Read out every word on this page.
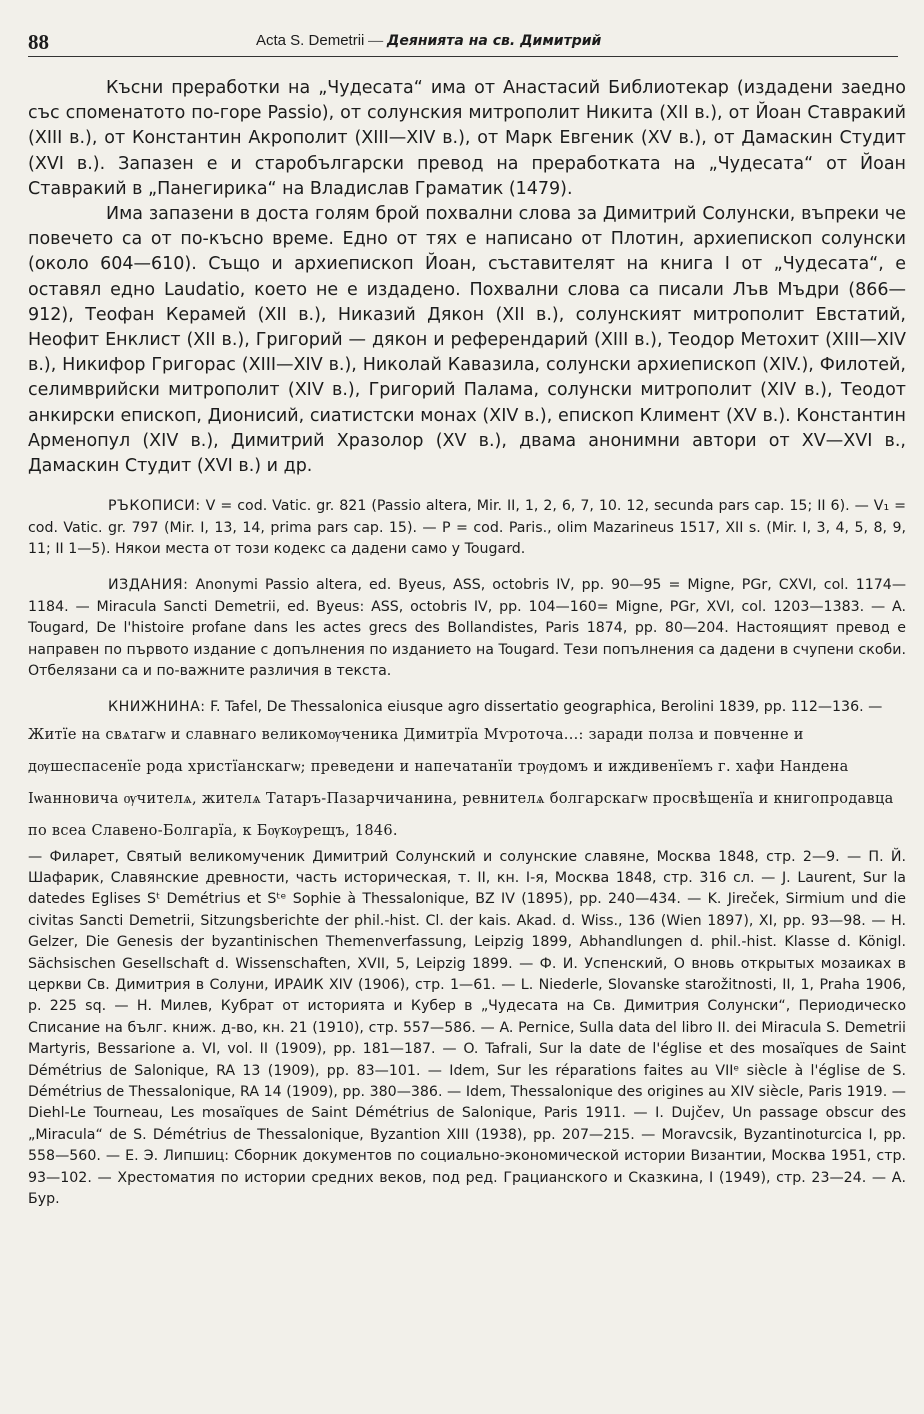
88	Acta S. Demetrii — Деянията на св. Димитрий

Късни преработки на „Чудесата“ има от Анастасий Библиотекар (издадени заедно със споменатото по-горе Passio), от солунския митрополит Никита (XII в.), от Йоан Ставракий (XIII в.), от Константин Акрополит (XIII—XIV в.), от Марк Евгеник (XV в.), от Дамаскин Студит (XVI в.). Запазен е и старобългарски превод на преработката на „Чудесата“ от Йоан Ставракий в „Панегирика“ на Владислав Граматик (1479).

Има запазени в доста голям брой похвални слова за Димитрий Солунски, въпреки че повечето са от по-късно време. Едно от тях е написано от Плотин, архиепископ солунски (около 604—610). Също и архиепископ Йоан, съставителят на книга I от „Чудесата“, е оставял едно Laudatio, което не е издадено. Похвални слова са писали Лъв Мъдри (866—912), Теофан Керамей (XII в.), Никазий Дякон (XII в.), солунският митрополит Евстатий, Неофит Енклист (XII в.), Григорий — дякон и референдарий (XIII в.), Теодор Метохит (XIII—XIV в.), Никифор Григорас (XIII—XIV в.), Николай Кавазила, солунски архиепископ (XIV.), Филотей, селимврийски митрополит (XIV в.), Григорий Палама, солунски митрополит (XIV в.), Теодот анкирски епископ, Дионисий, сиатистски монах (XIV в.), епископ Климент (XV в.). Константин Арменопул (XIV в.), Димитрий Хразолор (XV в.), двама анонимни автори от XV—XVI в., Дамаскин Студит (XVI в.) и др.

РЪКОПИСИ: V = cod. Vatic. gr. 821 (Passio altera, Mir. II, 1, 2, 6, 7, 10. 12, secunda pars cap. 15; II 6). — V₁ = cod. Vatic. gr. 797 (Mir. I, 13, 14, prima pars cap. 15). — P = cod. Paris., olim Mazarineus 1517, XII s. (Mir. I, 3, 4, 5, 8, 9, 11; II 1—5). Някои места от този кодекс са дадени само у Tougard.

ИЗДАНИЯ: Anonymi Passio altera, ed. Byeus, ASS, octobris IV, pp. 90—95 = Migne, PGr, CXVI, col. 1174—1184. — Miracula Sancti Demetrii, ed. Byeus: ASS, octobris IV, pp. 104—160= Migne, PGr, XVI, col. 1203—1383. — A. Tougard, De l'histoire profane dans les actes grecs des Bollandistes, Paris 1874, pp. 80—204. Настоящият превод е направен по първото издание с допълнения по изданието на Tougard. Тези попълнения са дадени в счупени скоби. Отбелязани са и по-важните различия в текста.

КНИЖНИНА: F. Tafel, De Thessalonica eiusque agro dissertatio geographica, Berolini 1839, pp. 112—136. —

Житїе на свѧтагѡ и славнаго великомѹченика Димитрїа Мѵроточа...: заради полза и повченне и дѹшеспасенїе рода христїанскагѡ; преведени и напечатанїи трѹдомъ и иждивенїемъ г. хафи Нандена Іѡанновича ѹчителѧ, жителѧ Татаръ-Пазарчичанина, ревнителѧ болгарскагѡ просвѣщенїа и книгопродавца по всеа Славено-Болгарїа, к Бѹкѹрещъ, 1846.

— Филарет, Святый великомученик Димитрий Солунский и солунские славяне, Москва 1848, стр. 2—9. — П. Й. Шафарик, Славянские древности, часть историческая, т. II, кн. I-я, Москва 1848, стр. 316 сл. — J. Laurent, Sur la datedes Eglises Sᵗ Demétrius et Sᵗᵉ Sophie à Thessalonique, BZ IV (1895), pp. 240—434. — K. Jireček, Sirmium und die civitas Sancti Demetrii, Sitzungsberichte der phil.-hist. Cl. der kais. Akad. d. Wiss., 136 (Wien 1897), XI, pp. 93—98. — H. Gelzer, Die Genesis der byzantinischen Themenverfassung, Leipzig 1899, Abhandlungen d. phil.-hist. Klasse d. Königl. Sächsischen Gesellschaft d. Wissenschaften, XVII, 5, Leipzig 1899. — Ф. И. Успенский, О вновь открытых мозаиках в церкви Св. Димитрия в Солуни, ИРАИК XIV (1906), стр. 1—61. — L. Niederle, Slovanske starožitnosti, II, 1, Praha 1906, p. 225 sq. — Н. Милев, Кубрат от историята и Кубер в „Чудесата на Св. Димитрия Солунски“, Периодическо Списание на бълг. книж. д-во, кн. 21 (1910), стр. 557—586. — A. Pernice, Sulla data del libro II. dei Miracula S. Demetrii Martyris, Bessarione a. VI, vol. II (1909), pp. 181—187. — O. Tafrali, Sur la date de l'église et des mosaïques de Saint Démétrius de Salonique, RA 13 (1909), pp. 83—101. — Idem, Sur les réparations faites au VIIᵉ siècle à l'église de S. Démétrius de Thessalonique, RA 14 (1909), pp. 380—386. — Idem, Thessalonique des origines au XIV siècle, Paris 1919. — Diehl-Le Tourneau, Les mosaïques de Saint Démétrius de Salonique, Paris 1911. — I. Dujčev, Un passage obscur des „Miracula“ de S. Démétrius de Thessalonique, Byzantion XIII (1938), pp. 207—215. — Moravcsik, Byzantinoturcica I, pp. 558—560. — Е. Э. Липшиц: Сборник документов по социально-экономической истории Византии, Москва 1951, стр. 93—102. — Хрестоматия по истории средних веков, под ред. Грацианского и Сказкина, I (1949), стр. 23—24. — А. Бур.
